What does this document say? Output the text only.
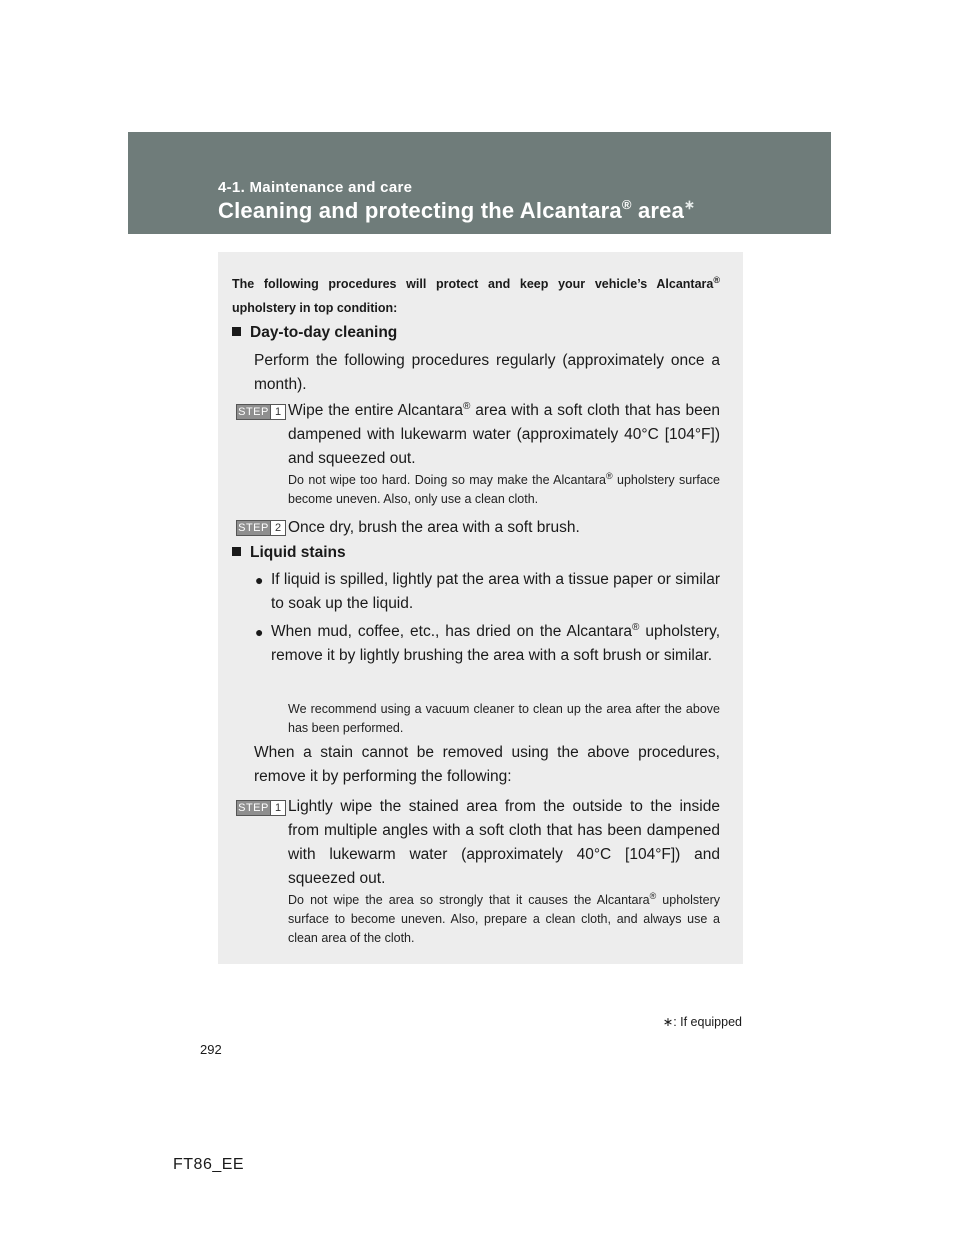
4-1. Maintenance and care
Cleaning and protecting the Alcantara® area∗
The following procedures will protect and keep your vehicle’s Alcantara® upholstery in top condition:
Day-to-day cleaning
Perform the following procedures regularly (approximately once a month).
STEP 1 Wipe the entire Alcantara® area with a soft cloth that has been dampened with lukewarm water (approximately 40°C [104°F]) and squeezed out.
Do not wipe too hard. Doing so may make the Alcantara® upholstery surface become uneven. Also, only use a clean cloth.
STEP 2 Once dry, brush the area with a soft brush.
Liquid stains
● If liquid is spilled, lightly pat the area with a tissue paper or similar to soak up the liquid.
● When mud, coffee, etc., has dried on the Alcantara® upholstery, remove it by lightly brushing the area with a soft brush or similar.
We recommend using a vacuum cleaner to clean up the area after the above has been performed.
When a stain cannot be removed using the above procedures, remove it by performing the following:
STEP 1 Lightly wipe the stained area from the outside to the inside from multiple angles with a soft cloth that has been dampened with lukewarm water (approximately 40°C [104°F]) and squeezed out.
Do not wipe the area so strongly that it causes the Alcantara® upholstery surface to become uneven. Also, prepare a clean cloth, and always use a clean area of the cloth.
∗: If equipped
292
FT86_EE
